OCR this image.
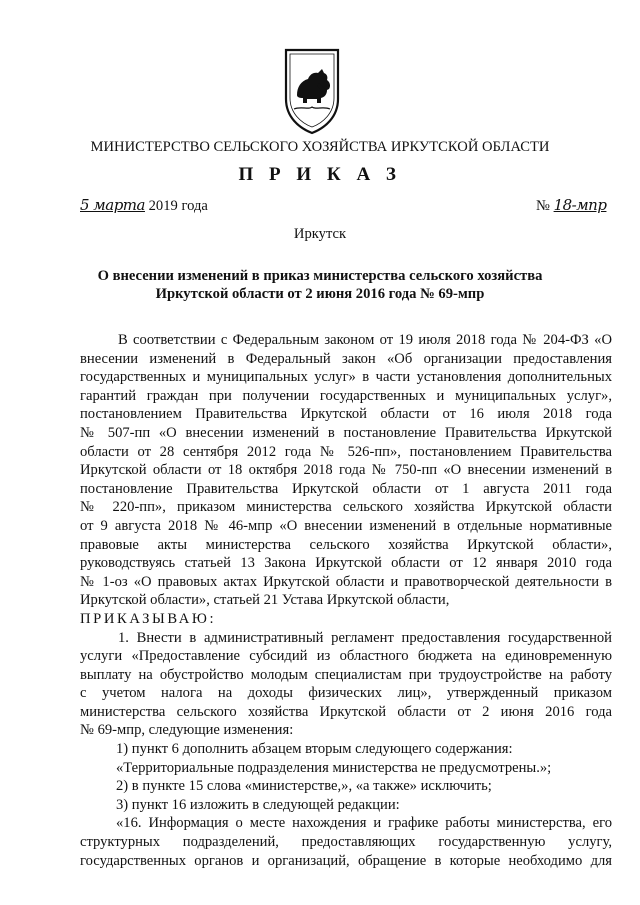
МИНИСТЕРСТВО СЕЛЬСКОГО ХОЗЯЙСТВА ИРКУТСКОЙ ОБЛАСТИ
П Р И К А З
5 марта 2019 года	№ 18-мпр
Иркутск
О внесении изменений в приказ министерства сельского хозяйства
Иркутской области от 2 июня 2016 года № 69-мпр
В соответствии с Федеральным законом от 19 июля 2018 года № 204-ФЗ «О
внесении изменений в Федеральный закон «Об организации предоставления
государственных и муниципальных услуг» в части установления дополнительных
гарантий граждан при получении государственных и муниципальных услуг»,
постановлением Правительства Иркутской области от 16 июля 2018 года
№ 507-пп «О внесении изменений в постановление Правительства Иркутской
области от 28 сентября 2012 года № 526-пп», постановлением Правительства
Иркутской области от 18 октября 2018 года № 750-пп «О внесении изменений в
постановление Правительства Иркутской области от 1 августа 2011 года
№ 220-пп», приказом министерства сельского хозяйства Иркутской области
от 9 августа 2018 № 46-мпр «О внесении изменений в отдельные нормативные
правовые акты министерства сельского хозяйства Иркутской области»,
руководствуясь статьей 13 Закона Иркутской области от 12 января 2010 года
№ 1-оз «О правовых актах Иркутской области и правотворческой деятельности в
Иркутской области», статьей 21 Устава Иркутской области,
ПРИКАЗЫВАЮ:
1. Внести в административный регламент предоставления государственной
услуги «Предоставление субсидий из областного бюджета на единовременную
выплату на обустройство молодым специалистам при трудоустройстве на работу
с учетом налога на доходы физических лиц», утвержденный приказом
министерства сельского хозяйства Иркутской области от 2 июня 2016 года
№ 69-мпр, следующие изменения:
1) пункт 6 дополнить абзацем вторым следующего содержания:
«Территориальные подразделения министерства не предусмотрены.»;
2) в пункте 15 слова «министерстве,», «а также» исключить;
3) пункт 16 изложить в следующей редакции:
«16. Информация о месте нахождения и графике работы министерства, его
структурных подразделений, предоставляющих государственную услугу,
государственных органов и организаций, обращение в которые необходимо для
